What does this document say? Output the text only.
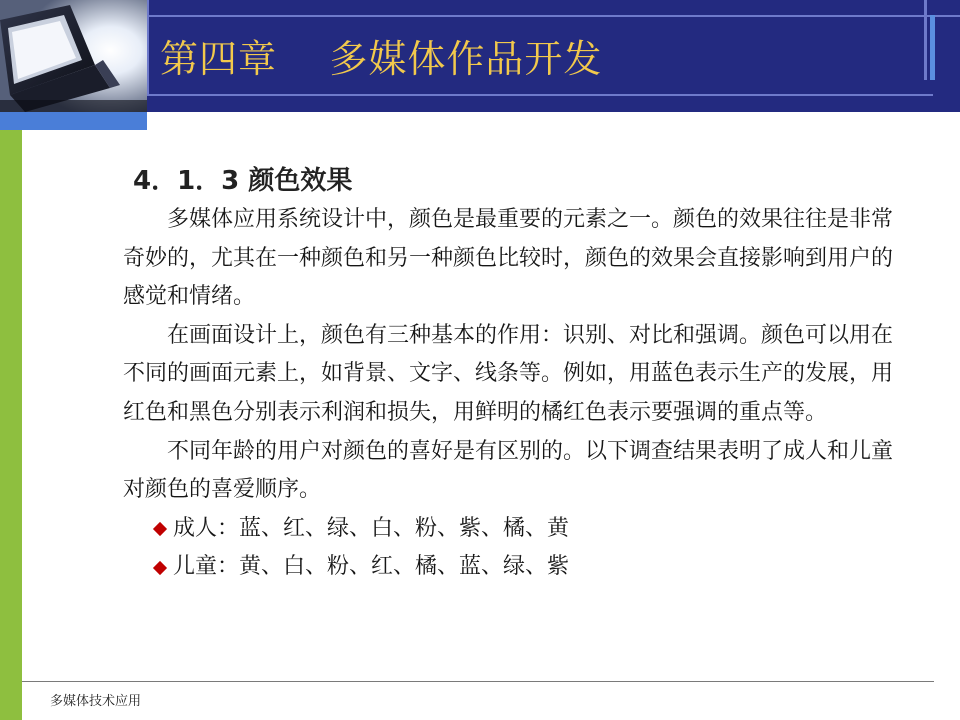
第四章    多媒体作品开发
4．1．3 颜色效果

多媒体应用系统设计中，颜色是最重要的元素之一。颜色的效果往往是非常奇妙的，尤其在一种颜色和另一种颜色比较时，颜色的效果会直接影响到用户的感觉和情绪。

在画面设计上，颜色有三种基本的作用：识别、对比和强调。颜色可以用在不同的画面元素上，如背景、文字、线条等。例如，用蓝色表示生产的发展，用红色和黑色分别表示利润和损失，用鲜明的橘红色表示要强调的重点等。

不同年龄的用户对颜色的喜好是有区别的。以下调查结果表明了成人和儿童对颜色的喜爱顺序。

成人：蓝、红、绿、白、粉、紫、橘、黄
儿童：黄、白、粉、红、橘、蓝、绿、紫
多媒体技术应用
